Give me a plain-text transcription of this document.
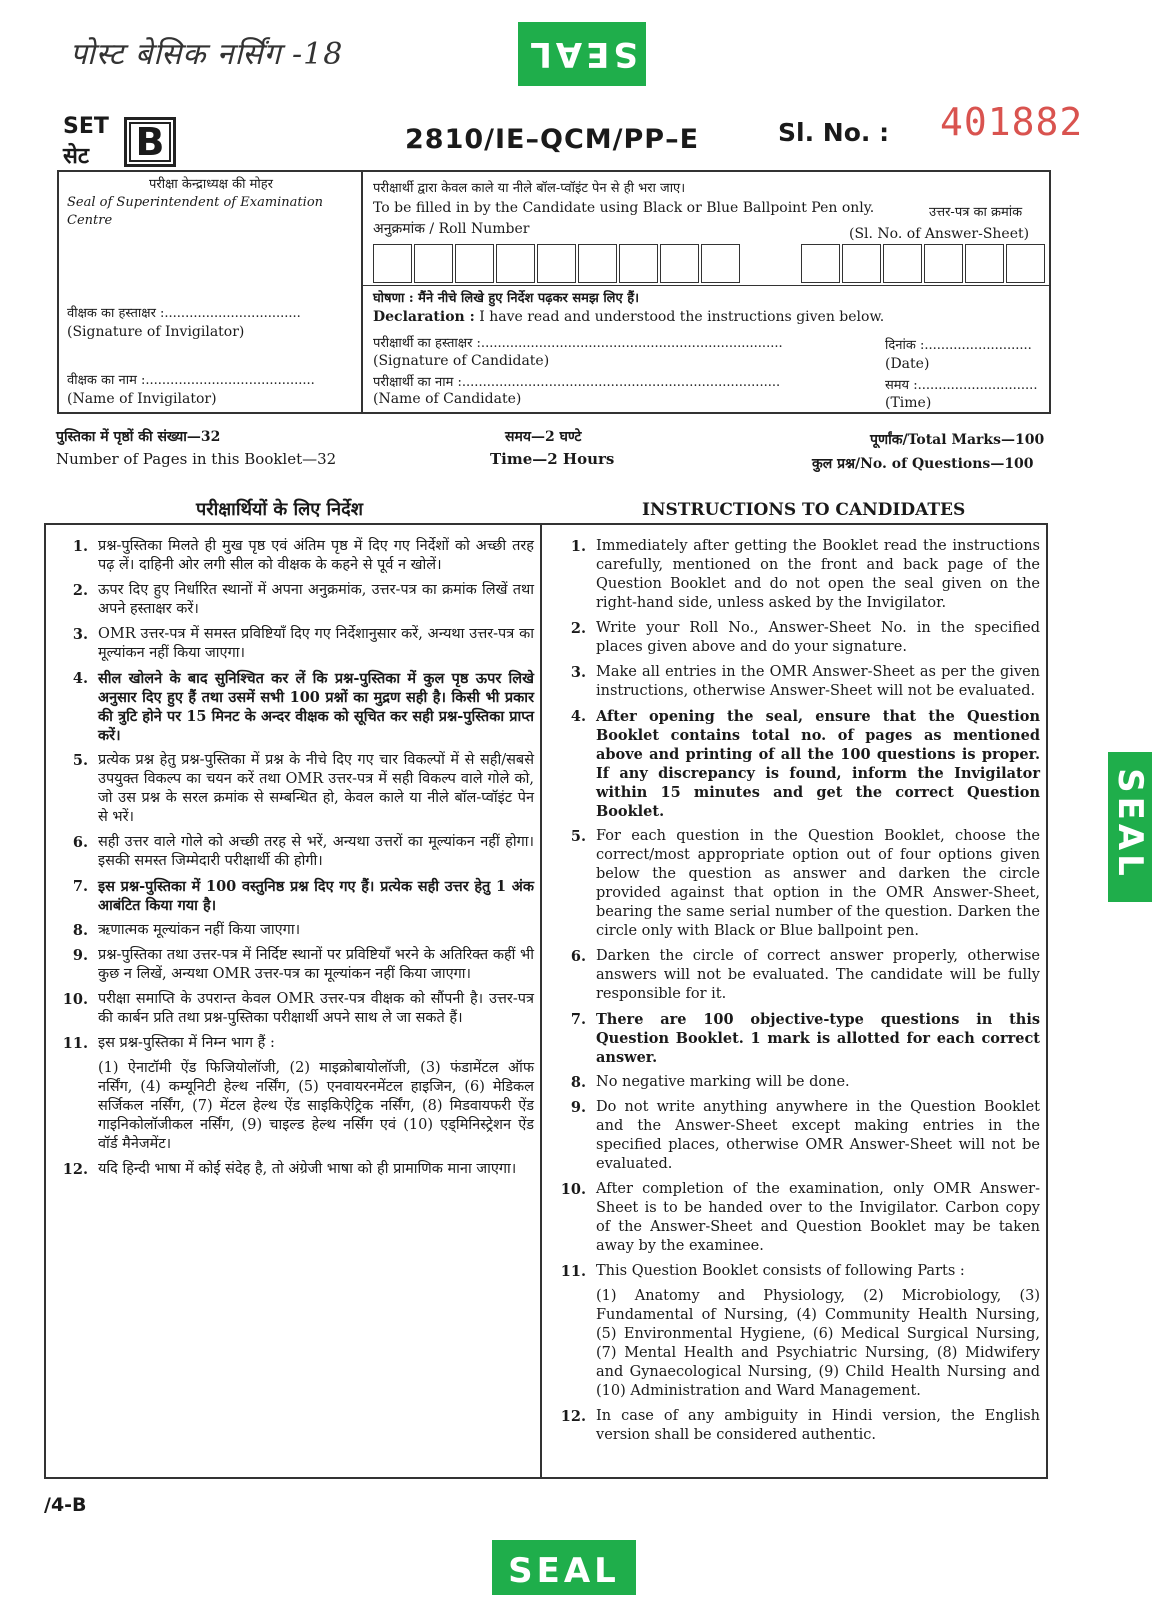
पोस्ट बेसिक नर्सिंग -18	SEAL
SEAL
SEAL
SET
सेट	B	2810/IE–QCM/PP–E	Sl. No. : 401882
परीक्षा केन्द्राध्यक्ष की मोहर
Seal of Superintendent of Examination Centre
वीक्षक का हस्ताक्षर :.................................
(Signature of Invigilator)
वीक्षक का नाम :.........................................
(Name of Invigilator)
परीक्षार्थी द्वारा केवल काले या नीले बॉल-प्वॉइंट पेन से ही भरा जाए।
To be filled in by the Candidate using Black or Blue Ballpoint Pen only.	उत्तर-पत्र का क्रमांक
अनुक्रमांक / Roll Number	(Sl. No. of Answer-Sheet)
घोषणा : मैंने नीचे लिखे हुए निर्देश पढ़कर समझ लिए हैं।
Declaration : I have read and understood the instructions given below.
परीक्षार्थी का हस्ताक्षर :.........................................................................
(Signature of Candidate)
परीक्षार्थी का नाम :.............................................................................
(Name of Candidate)
दिनांक :..........................
(Date)
समय :.............................
(Time)
पुस्तिका में पृष्ठों की संख्या—32
Number of Pages in this Booklet—32
समय—2 घण्टे
Time—2 Hours
पूर्णांक/Total Marks—100
कुल प्रश्न/No. of Questions—100
परीक्षार्थियों के लिए निर्देश	INSTRUCTIONS TO CANDIDATES
1. प्रश्न-पुस्तिका मिलते ही मुख पृष्ठ एवं अंतिम पृष्ठ में दिए गए निर्देशों को अच्छी तरह पढ़ लें। दाहिनी ओर लगी सील को वीक्षक के कहने से पूर्व न खोलें।
2. ऊपर दिए हुए निर्धारित स्थानों में अपना अनुक्रमांक, उत्तर-पत्र का क्रमांक लिखें तथा अपने हस्ताक्षर करें।
3. OMR उत्तर-पत्र में समस्त प्रविष्टियाँ दिए गए निर्देशानुसार करें, अन्यथा उत्तर-पत्र का मूल्यांकन नहीं किया जाएगा।
4. सील खोलने के बाद सुनिश्चित कर लें कि प्रश्न-पुस्तिका में कुल पृष्ठ ऊपर लिखे अनुसार दिए हुए हैं तथा उसमें सभी 100 प्रश्नों का मुद्रण सही है। किसी भी प्रकार की त्रुटि होने पर 15 मिनट के अन्दर वीक्षक को सूचित कर सही प्रश्न-पुस्तिका प्राप्त करें।
5. प्रत्येक प्रश्न हेतु प्रश्न-पुस्तिका में प्रश्न के नीचे दिए गए चार विकल्पों में से सही/सबसे उपयुक्त विकल्प का चयन करें तथा OMR उत्तर-पत्र में सही विकल्प वाले गोले को, जो उस प्रश्न के सरल क्रमांक से सम्बन्धित हो, केवल काले या नीले बॉल-प्वॉइंट पेन से भरें।
6. सही उत्तर वाले गोले को अच्छी तरह से भरें, अन्यथा उत्तरों का मूल्यांकन नहीं होगा। इसकी समस्त जिम्मेदारी परीक्षार्थी की होगी।
7. इस प्रश्न-पुस्तिका में 100 वस्तुनिष्ठ प्रश्न दिए गए हैं। प्रत्येक सही उत्तर हेतु 1 अंक आबंटित किया गया है।
8. ऋणात्मक मूल्यांकन नहीं किया जाएगा।
9. प्रश्न-पुस्तिका तथा उत्तर-पत्र में निर्दिष्ट स्थानों पर प्रविष्टियाँ भरने के अतिरिक्त कहीं भी कुछ न लिखें, अन्यथा OMR उत्तर-पत्र का मूल्यांकन नहीं किया जाएगा।
10. परीक्षा समाप्ति के उपरान्त केवल OMR उत्तर-पत्र वीक्षक को सौंपनी है। उत्तर-पत्र की कार्बन प्रति तथा प्रश्न-पुस्तिका परीक्षार्थी अपने साथ ले जा सकते हैं।
11. इस प्रश्न-पुस्तिका में निम्न भाग हैं :
(1) ऐनाटॉमी ऐंड फिजियोलॉजी, (2) माइक्रोबायोलॉजी, (3) फंडामेंटल ऑफ नर्सिंग, (4) कम्यूनिटी हेल्थ नर्सिंग, (5) एनवायरनमेंटल हाइजिन, (6) मेडिकल सर्जिकल नर्सिंग, (7) मेंटल हेल्थ ऐंड साइकिऐट्रिक नर्सिंग, (8) मिडवायफरी ऐंड गाइनिकोलॉजीकल नर्सिंग, (9) चाइल्ड हेल्थ नर्सिंग एवं (10) एड्मिनिस्ट्रेशन ऐंड वॉर्ड मैनेजमेंट।
12. यदि हिन्दी भाषा में कोई संदेह है, तो अंग्रेजी भाषा को ही प्रामाणिक माना जाएगा।
1. Immediately after getting the Booklet read the instructions carefully, mentioned on the front and back page of the Question Booklet and do not open the seal given on the right-hand side, unless asked by the Invigilator.
2. Write your Roll No., Answer-Sheet No. in the specified places given above and do your signature.
3. Make all entries in the OMR Answer-Sheet as per the given instructions, otherwise Answer-Sheet will not be evaluated.
4. After opening the seal, ensure that the Question Booklet contains total no. of pages as mentioned above and printing of all the 100 questions is proper. If any discrepancy is found, inform the Invigilator within 15 minutes and get the correct Question Booklet.
5. For each question in the Question Booklet, choose the correct/most appropriate option out of four options given below the question as answer and darken the circle provided against that option in the OMR Answer-Sheet, bearing the same serial number of the question. Darken the circle only with Black or Blue ballpoint pen.
6. Darken the circle of correct answer properly, otherwise answers will not be evaluated. The candidate will be fully responsible for it.
7. There are 100 objective-type questions in this Question Booklet. 1 mark is allotted for each correct answer.
8. No negative marking will be done.
9. Do not write anything anywhere in the Question Booklet and the Answer-Sheet except making entries in the specified places, otherwise OMR Answer-Sheet will not be evaluated.
10. After completion of the examination, only OMR Answer-Sheet is to be handed over to the Invigilator. Carbon copy of the Answer-Sheet and Question Booklet may be taken away by the examinee.
11. This Question Booklet consists of following Parts :
(1) Anatomy and Physiology, (2) Microbiology, (3) Fundamental of Nursing, (4) Community Health Nursing, (5) Environmental Hygiene, (6) Medical Surgical Nursing, (7) Mental Health and Psychiatric Nursing, (8) Midwifery and Gynaecological Nursing, (9) Child Health Nursing and (10) Administration and Ward Management.
12. In case of any ambiguity in Hindi version, the English version shall be considered authentic.
/4-B
